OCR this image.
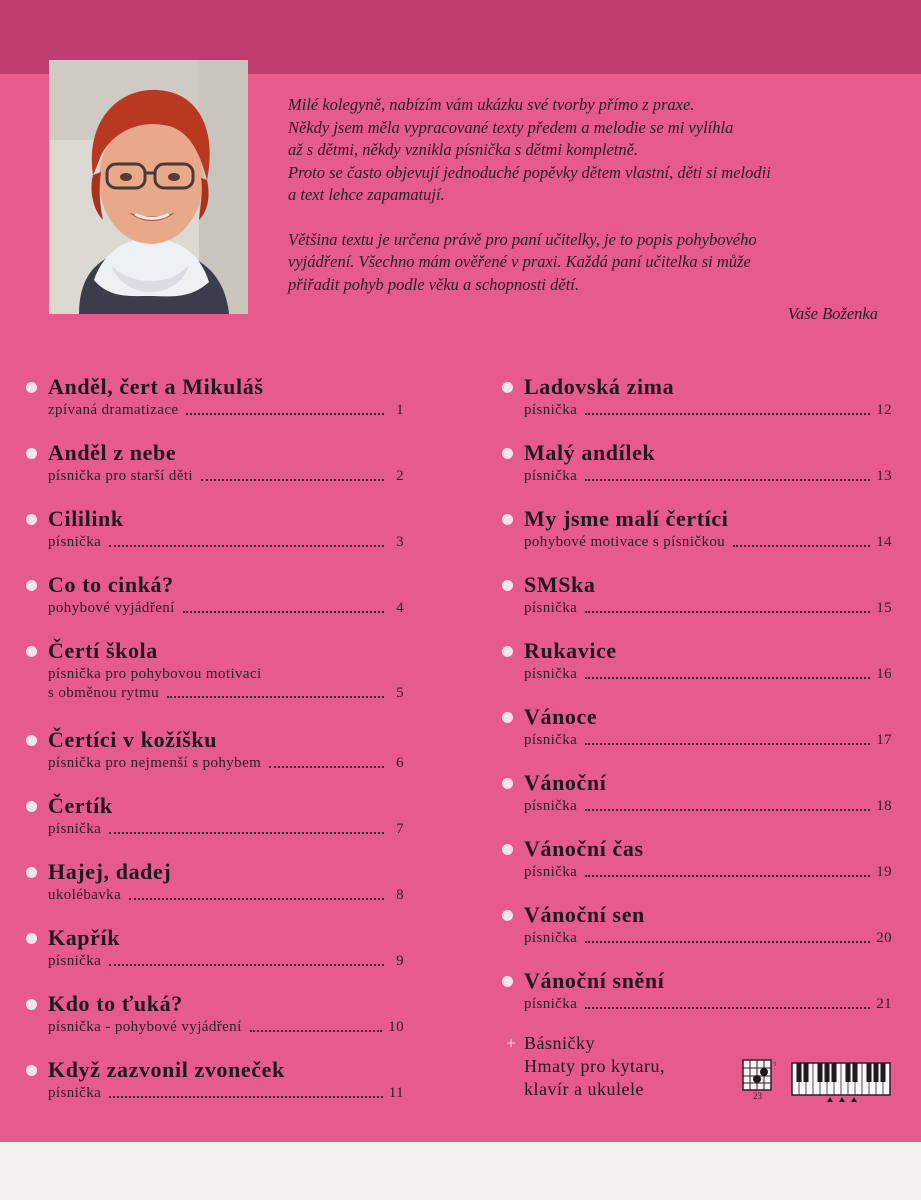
Milé kolegyně, nabízím vám ukázku své tvorby přímo z praxe.
Někdy jsem měla vypracované texty předem a melodie se mi vylíhla
až s dětmi, někdy vznikla písnička s dětmi kompletně.
Proto se často objevují jednoduché popěvky dětem vlastní, děti si melodii
a text lehce zapamatují.

Většina textu je určena právě pro paní učitelky, je to popis pohybového
vyjádření. Všechno mám ověřené v praxi. Každá paní učitelka si může
přiřadit pohyb podle věku a schopnosti dětí.

Vaše Boženka
Anděl, čert a Mikuláš
zpívaná dramatizace	1
Anděl z nebe
písnička pro starší děti	2
Cililink
písnička	3
Co to cinká?
pohybové vyjádření	4
Čertí škola
písnička pro pohybovou motivaci
s obměnou rytmu	5
Čertíci v kožíšku
písnička pro nejmenší s pohybem	6
Čertík
písnička	7
Hajej, dadej
ukolébavka	8
Kapřík
písnička	9
Kdo to ťuká?
písnička - pohybové vyjádření	10
Když zazvonil zvoneček
písnička	11
Ladovská zima
písnička	12
Malý andílek
písnička	13
My jsme malí čertíci
pohybové motivace s písničkou	14
SMSka
písnička	15
Rukavice
písnička	16
Vánoce
písnička	17
Vánoční
písnička	18
Vánoční čas
písnička	19
Vánoční sen
písnička	20
Vánoční snění
písnička	21
+ Básničky
Hmaty pro kytaru,
klavír a ukulele
3
23
